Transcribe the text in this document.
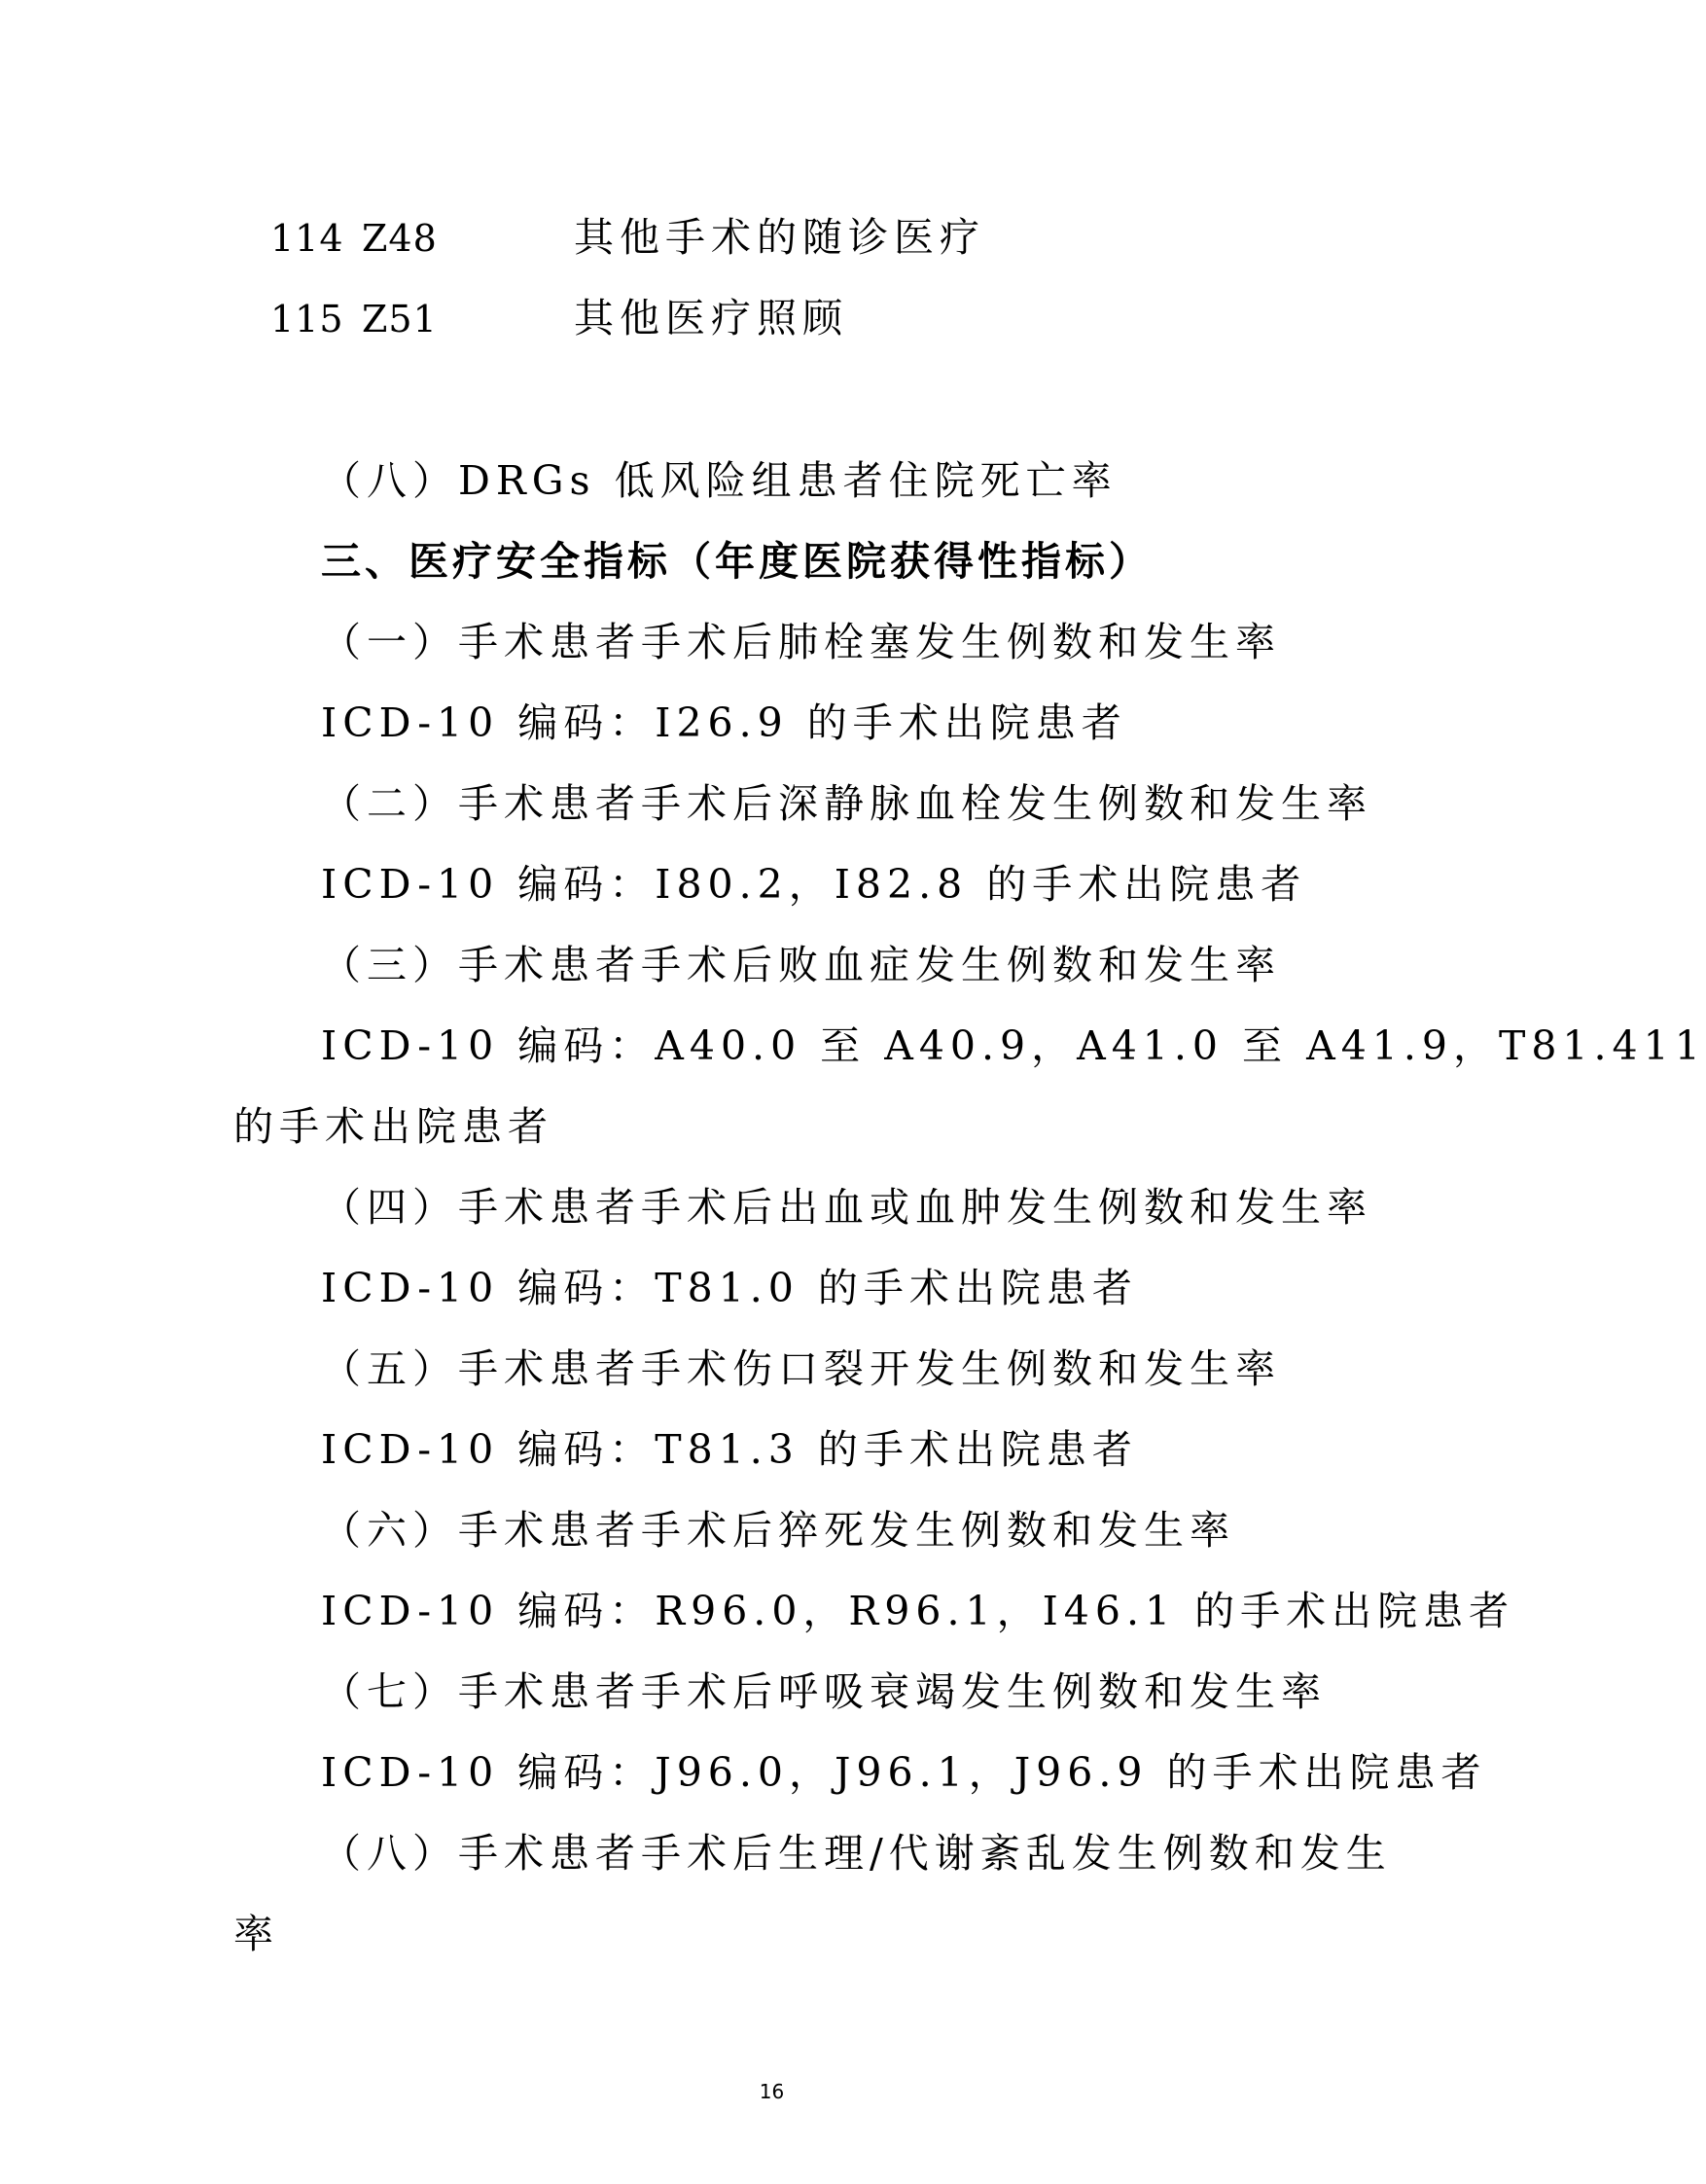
114 Z48	其他手术的随诊医疗
115 Z51	其他医疗照顾
（八）DRGs 低风险组患者住院死亡率
三、医疗安全指标（年度医院获得性指标）
（一）手术患者手术后肺栓塞发生例数和发生率
ICD-10 编码：I26.9 的手术出院患者
（二）手术患者手术后深静脉血栓发生例数和发生率
ICD-10 编码：I80.2，I82.8 的手术出院患者
（三）手术患者手术后败血症发生例数和发生率
ICD-10 编码：A40.0 至 A40.9，A41.0 至 A41.9，T81.411
的手术出院患者
（四）手术患者手术后出血或血肿发生例数和发生率
ICD-10 编码：T81.0 的手术出院患者
（五）手术患者手术伤口裂开发生例数和发生率
ICD-10 编码：T81.3 的手术出院患者
（六）手术患者手术后猝死发生例数和发生率
ICD-10 编码：R96.0，R96.1，I46.1 的手术出院患者
（七）手术患者手术后呼吸衰竭发生例数和发生率
ICD-10 编码：J96.0，J96.1，J96.9 的手术出院患者
（八）手术患者手术后生理/代谢紊乱发生例数和发生
率
16
